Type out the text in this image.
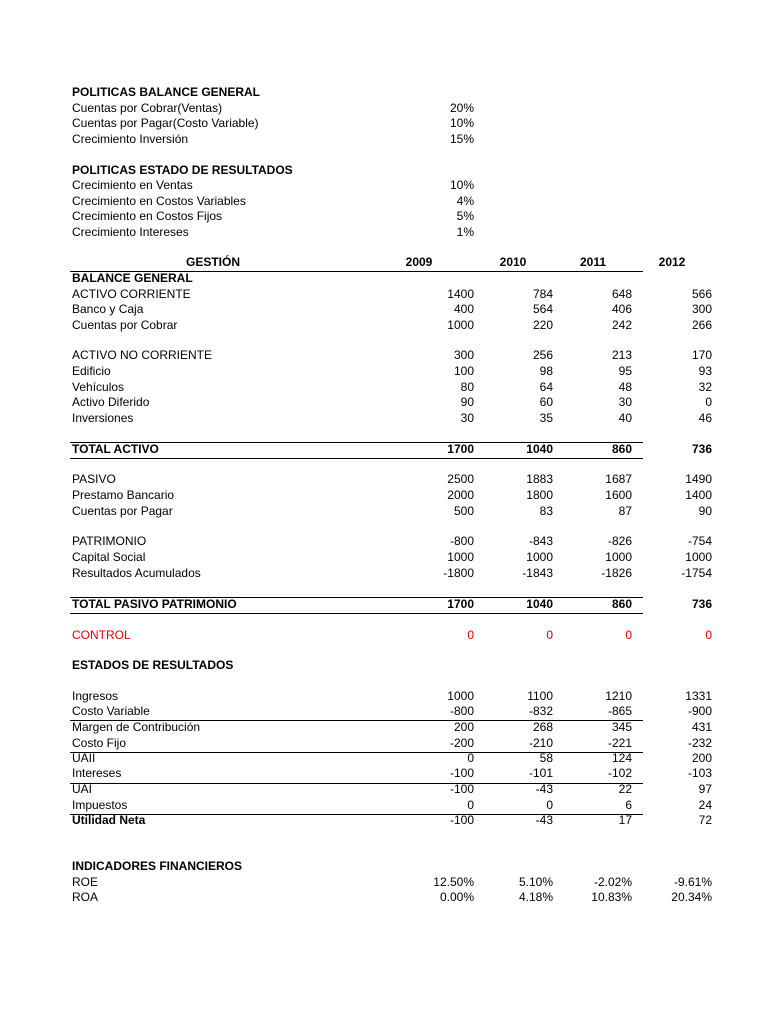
POLITICAS BALANCE GENERAL
Cuentas por Cobrar(Ventas)	20%
Cuentas por Pagar(Costo Variable)	10%
Crecimiento Inversión	15%
POLITICAS ESTADO DE RESULTADOS
Crecimiento en Ventas	10%
Crecimiento en Costos Variables	4%
Crecimiento en Costos Fijos	5%
Crecimiento Intereses	1%
GESTIÓN	2009	2010	2011	2012
BALANCE GENERAL
ACTIVO CORRIENTE	1400	784	648	566
Banco y Caja	400	564	406	300
Cuentas por Cobrar	1000	220	242	266
ACTIVO NO CORRIENTE	300	256	213	170
Edificio	100	98	95	93
Vehículos	80	64	48	32
Activo Diferido	90	60	30	0
Inversiones	30	35	40	46
TOTAL ACTIVO	1700	1040	860	736
PASIVO	2500	1883	1687	1490
Prestamo Bancario	2000	1800	1600	1400
Cuentas por Pagar	500	83	87	90
PATRIMONIO	-800	-843	-826	-754
Capital Social	1000	1000	1000	1000
Resultados Acumulados	-1800	-1843	-1826	-1754
TOTAL PASIVO PATRIMONIO	1700	1040	860	736
CONTROL	0	0	0	0
ESTADOS DE RESULTADOS
Ingresos	1000	1100	1210	1331
Costo Variable	-800	-832	-865	-900
Margen de Contribución	200	268	345	431
Costo Fijo	-200	-210	-221	-232
UAII	0	58	124	200
Intereses	-100	-101	-102	-103
UAI	-100	-43	22	97
Impuestos	0	0	6	24
Utilidad Neta	-100	-43	17	72
INDICADORES FINANCIEROS
ROE	12.50%	5.10%	-2.02%	-9.61%
ROA	0.00%	4.18%	10.83%	20.34%
